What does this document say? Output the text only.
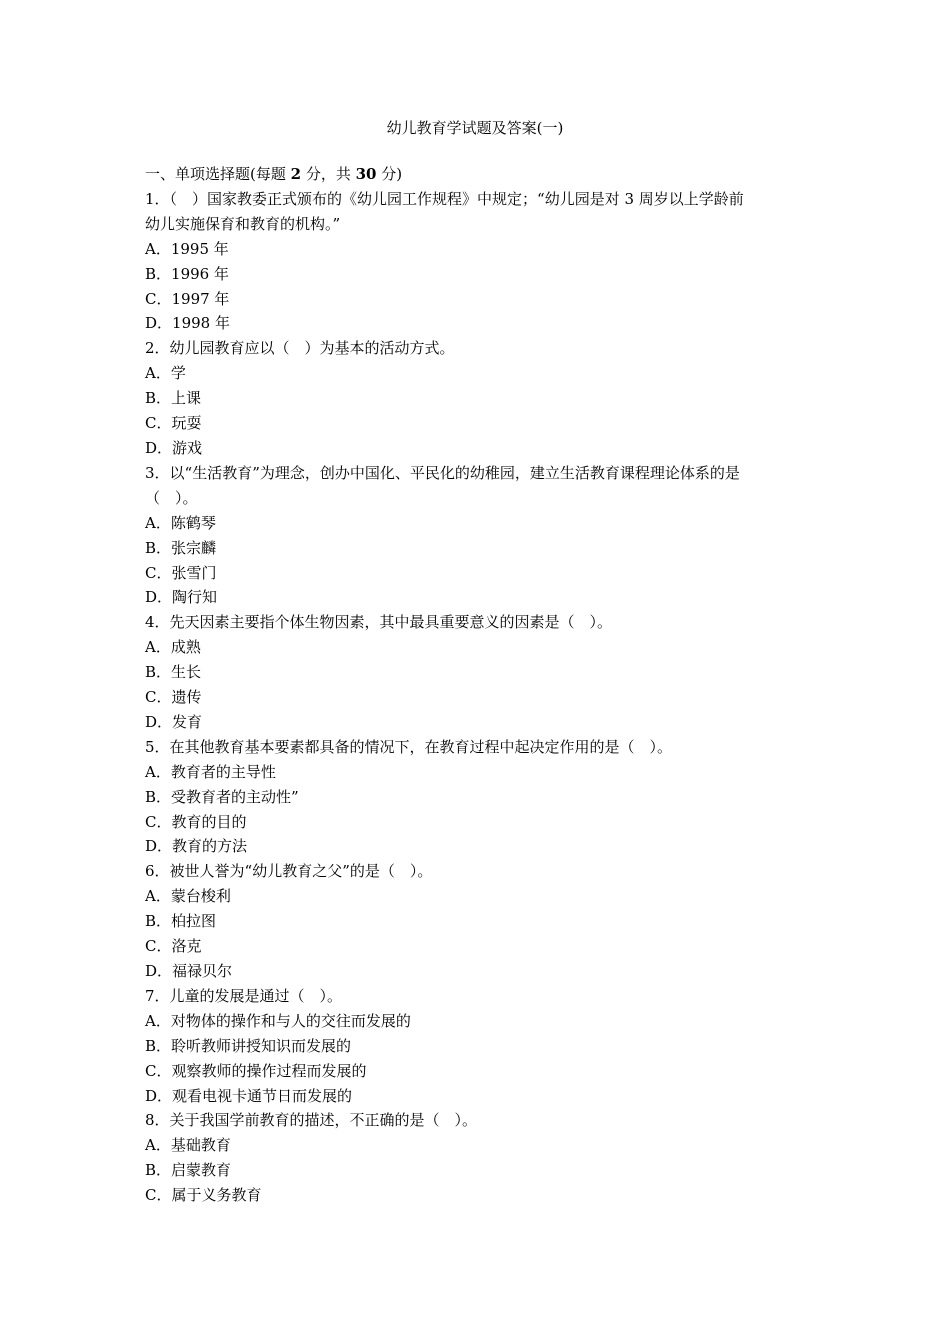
幼儿教育学试题及答案(一)
一、单项选择题(每题 2 分，共 30 分)
1．（　）国家教委正式颁布的《幼儿园工作规程》中规定；“幼儿园是对 3 周岁以上学龄前
幼儿实施保育和教育的机构。”
A．1995 年
B．1996 年
C．1997 年
D．1998 年
2．幼儿园教育应以（　）为基本的活动方式。
A．学
B．上课
C．玩耍
D．游戏
3．以“生活教育”为理念，创办中国化、平民化的幼稚园，建立生活教育课程理论体系的是
（　）。
A．陈鹤琴
B．张宗麟
C．张雪门
D．陶行知
4．先天因素主要指个体生物因素，其中最具重要意义的因素是（　）。
A．成熟
B．生长
C．遗传
D．发育
5．在其他教育基本要素都具备的情况下，在教育过程中起决定作用的是（　）。
A．教育者的主导性
B．受教育者的主动性”
C．教育的目的
D．教育的方法
6．被世人誉为“幼儿教育之父”的是（　）。
A．蒙台梭利
B．柏拉图
C．洛克
D．福禄贝尔
7．儿童的发展是通过（　）。
A．对物体的操作和与人的交往而发展的
B．聆听教师讲授知识而发展的
C．观察教师的操作过程而发展的
D．观看电视卡通节日而发展的
8．关于我国学前教育的描述，不正确的是（　）。
A．基础教育
B．启蒙教育
C．属于义务教育
